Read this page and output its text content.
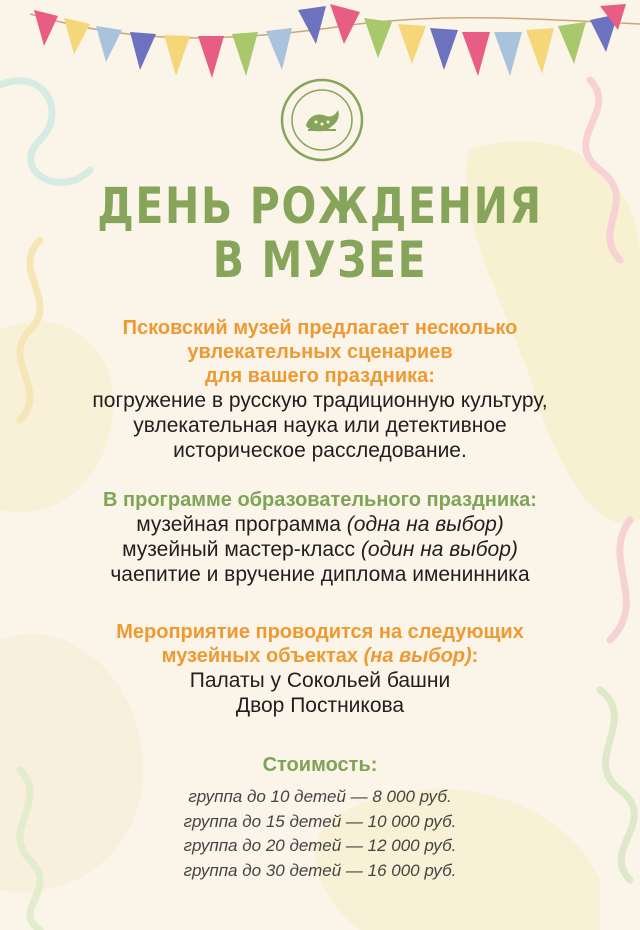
ДЕНЬ РОЖДЕНИЯ
В МУЗЕЕ
Псковский музей предлагает несколько
увлекательных сценариев
для вашего праздника:
погружение в русскую традиционную культуру,
увлекательная наука или детективное
историческое расследование.
В программе образовательного праздника:
музейная программа (одна на выбор)
музейный мастер-класс (один на выбор)
чаепитие и вручение диплома именинника
Мероприятие проводится на следующих
музейных объектах (на выбор):
Палаты у Сокольей башни
Двор Постникова
Стоимость:
группа до 10 детей — 8 000 руб.
группа до 15 детей — 10 000 руб.
группа до 20 детей — 12 000 руб.
группа до 30 детей — 16 000 руб.
